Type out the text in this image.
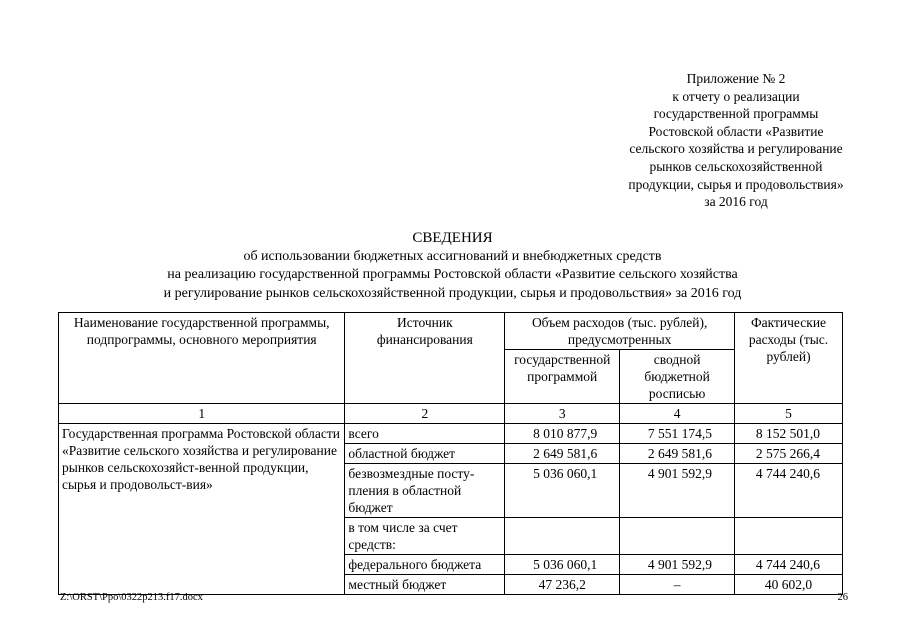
Приложение № 2
к отчету о реализации
государственной программы
Ростовской области «Развитие
сельского хозяйства и регулирование
рынков сельскохозяйственной
продукции, сырья и продовольствия»
за 2016 год
СВЕДЕНИЯ
об использовании бюджетных ассигнований и внебюджетных средств
на реализацию государственной программы Ростовской области «Развитие сельского хозяйства
и регулирование рынков сельскохозяйственной продукции, сырья и продовольствия» за 2016 год
Наименование государственной программы, подпрограммы, основного мероприятия	Источник финансирования	Объем расходов (тыс. рублей), предусмотренных		Фактические расходы (тыс. рублей)
		государственной программой	сводной бюджетной росписью	
1	2	3	4	5
Государственная программа Ростовской области «Развитие сельского хозяйства и регулирование рынков сельскохозяйст-венной продукции, сырья и продовольст-вия»	всего	8 010 877,9	7 551 174,5	8 152 501,0
	областной бюджет	2 649 581,6	2 649 581,6	2 575 266,4
	безвозмездные посту-пления в областной бюджет	5 036 060,1	4 901 592,9	4 744 240,6
	в том числе за счет средств:			
	федерального бюджета	5 036 060,1	4 901 592,9	4 744 240,6
	местный бюджет	47 236,2	–	40 602,0
Z:\ORST\Ppo\0322p213.f17.docx	26
